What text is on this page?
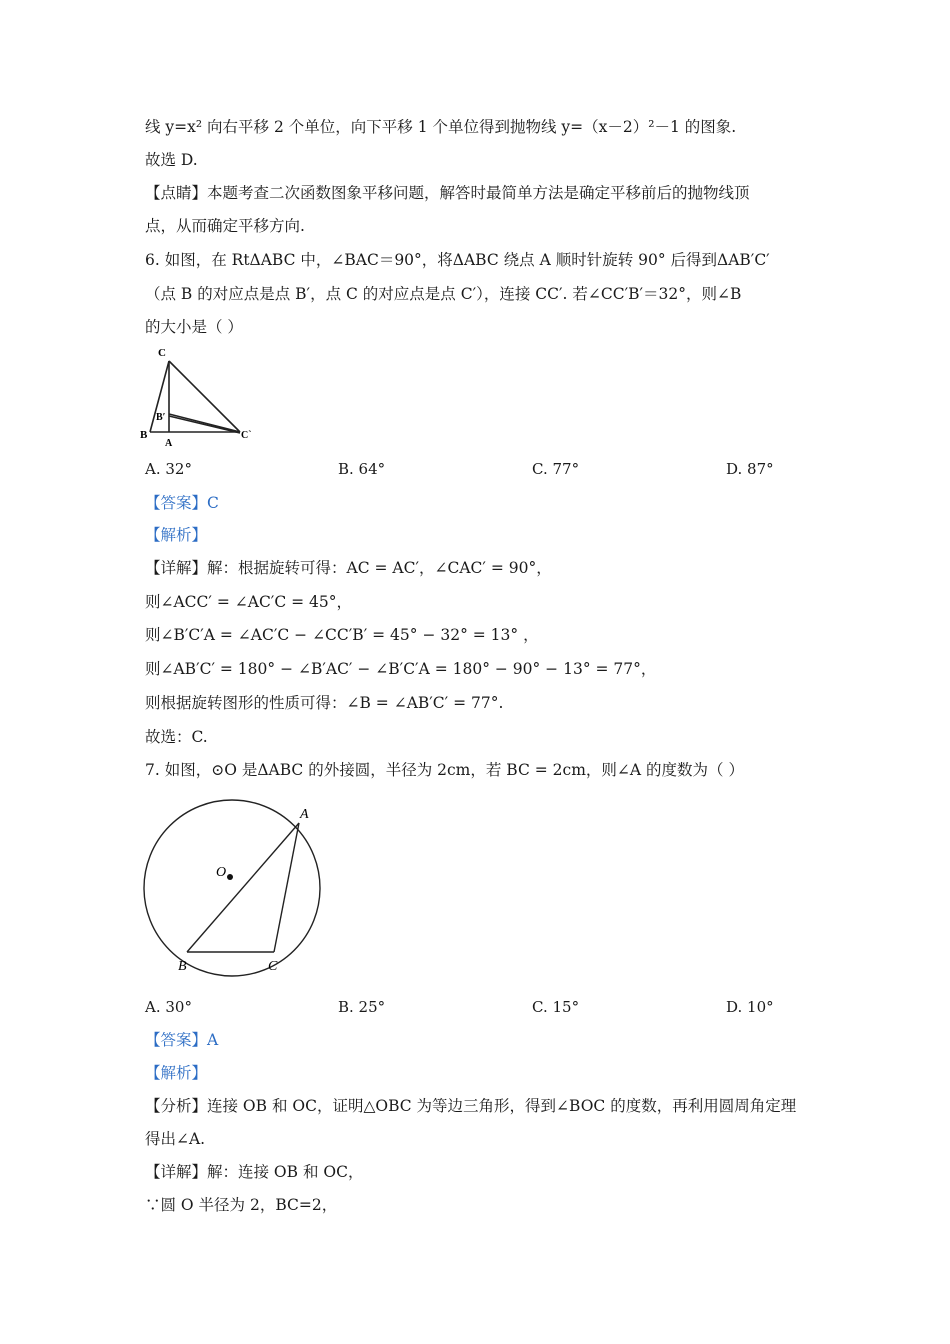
线 y=x² 向右平移 2 个单位，向下平移 1 个单位得到抛物线 y=（x－2）²－1 的图象.
故选 D.
【点睛】本题考查二次函数图象平移问题，解答时最简单方法是确定平移前后的抛物线顶
点，从而确定平移方向.
6. 如图，在 RtΔABC 中，∠BAC＝90°，将ΔABC 绕点 A 顺时针旋转 90° 后得到ΔAB′C′
（点 B 的对应点是点 B′，点 C 的对应点是点 C′），连接 CC′. 若∠CC′B′＝32°，则∠B
的大小是（ ）
C
B′
B
A
C`
A. 32°	B. 64°	C. 77°	D. 87°
【答案】C
【解析】
【详解】解：根据旋转可得：AC = AC′，∠CAC′ = 90°，
则∠ACC′ = ∠AC′C = 45°，
则∠B′C′A = ∠AC′C − ∠CC′B′ = 45° − 32° = 13° ，
则∠AB′C′ = 180° − ∠B′AC′ − ∠B′C′A = 180° − 90° − 13° = 77°，
则根据旋转图形的性质可得：∠B = ∠AB′C′ = 77°.
故选：C.
7. 如图，⊙O 是ΔABC 的外接圆，半径为 2cm，若 BC = 2cm，则∠A 的度数为（ ）
O
A
B	C
A. 30°	B. 25°	C. 15°	D. 10°
【答案】A
【解析】
【分析】连接 OB 和 OC，证明△OBC 为等边三角形，得到∠BOC 的度数，再利用圆周角定理
得出∠A.
【详解】解：连接 OB 和 OC，
∵圆 O 半径为 2，BC=2，
